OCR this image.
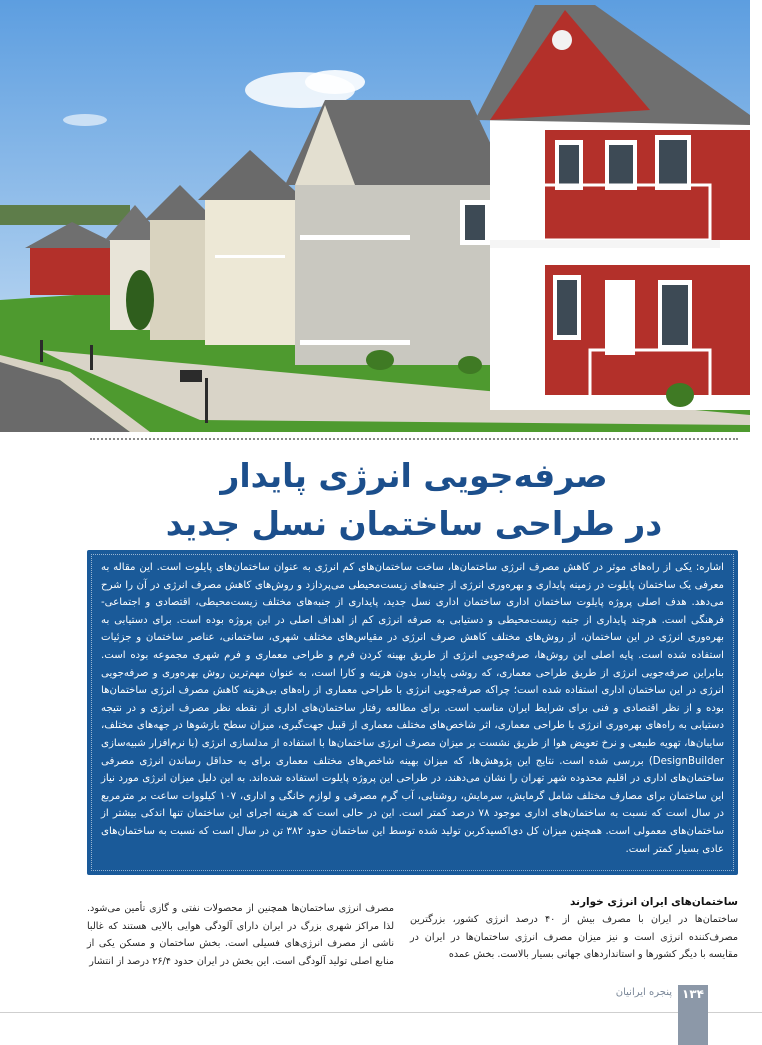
صرفه‌جویی انرژی پایدار
در طراحی ساختمان نسل جدید

اشاره: یکی از راه‌های موثر در کاهش مصرف انرژی ساختمان‌ها، ساخت ساختمان‌های کم انرژی به عنوان ساختمان‌های پایلوت است. این مقاله به معرفی یک ساختمان پایلوت در زمینه پایداری و بهره‌وری انرژی از جنبه‌های زیست‌محیطی می‌پردازد و روش‌های کاهش مصرف انرژی در آن را شرح می‌دهد. هدف اصلی پروژه پایلوت ساختمان اداری ساختمان اداری نسل جدید، پایداری از جنبه‌های مختلف زیست‌محیطی، اقتصادی و اجتماعی-فرهنگی است. هرچند پایداری از جنبه زیست‌محیطی و دستیابی به صرفه انرژی کم از اهداف اصلی در این پروژه بوده است. برای دستیابی به بهره‌وری انرژی در این ساختمان، از روش‌های مختلف کاهش صرف انرژی در مقیاس‌های مختلف شهری، ساختمانی، عناصر ساختمان و جزئیات استفاده شده است. پایه اصلی این روش‌ها، صرفه‌جویی انرژی از طریق بهینه کردن فرم و طراحی معماری و فرم شهری مجموعه بوده است. بنابراین صرفه‌جویی انرژی از طریق طراحی معماری، که روشی پایدار، بدون هزینه و کارا است، به عنوان مهم‌ترین روش بهره‌وری و صرفه‌جویی انرژی در این ساختمان اداری استفاده شده است؛ چراکه صرفه‌جویی انرژی با طراحی معماری از راه‌های بی‌هزینه کاهش مصرف انرژی ساختمان‌ها بوده و از نظر اقتصادی و فنی برای شرایط ایران مناسب است. برای مطالعه رفتار ساختمان‌های اداری از نقطه نظر مصرف انرژی و در نتیجه دستیابی به راه‌های بهره‌وری انرژی با طراحی معماری، اثر شاخص‌های مختلف معماری از قبیل جهت‌گیری، میزان سطح بازشوها در جهه‌های مختلف، سایبان‌ها، تهویه طبیعی و نرخ تعویض هوا از طریق نشست بر میزان مصرف انرژی ساختمان‌ها با استفاده از مدلسازی انرژی (با نرم‌افزار شبیه‌سازی DesignBuilder) بررسی شده است. نتایج این پژوهش‌ها، که میزان بهینه شاخص‌های مختلف معماری برای به حداقل رساندن انرژی مصرفی ساختمان‌های اداری در اقلیم محدوده شهر تهران را نشان می‌دهند، در طراحی این پروژه پایلوت استفاده شده‌اند. به این دلیل میزان انرژی مورد نیاز این ساختمان برای مصارف مختلف شامل گرمایش، سرمایش، روشنایی، آب گرم مصرفی و لوازم خانگی و اداری، ۱۰۷ کیلووات ساعت بر مترمربع در سال است که نسبت به ساختمان‌های اداری موجود ۷۸ درصد کمتر است. این در حالی است که هزینه اجرای این ساختمان تنها اندکی بیشتر از ساختمان‌های معمولی است. همچنین میزان کل دی‌اکسیدکربن تولید شده توسط این ساختمان حدود ۳۸۲ تن در سال است که نسبت به ساختمان‌های عادی بسیار کمتر است.

ساختمان‌های ایران انرژی خوارند
ساختمان‌ها در ایران با مصرف بیش از ۴۰ درصد انرژی کشور، بزرگترین مصرف‌کننده انرژی است و نیز میزان مصرف انرژی ساختمان‌ها در ایران در مقایسه با دیگر کشورها و استانداردهای جهانی بسیار بالاست. بخش عمده
مصرف انرژی ساختمان‌ها همچنین از محصولات نفتی و گازی تأمین می‌شود. لذا مراکز شهری بزرگ در ایران دارای آلودگی هوایی بالایی هستند که غالبا ناشی از مصرف انرژی‌های فسیلی است. بخش ساختمان و مسکن یکی از منابع اصلی تولید آلودگی است. این بخش در ایران حدود ۲۶/۴ درصد از انتشار
۱۳۴
پنجره ایرانیان
